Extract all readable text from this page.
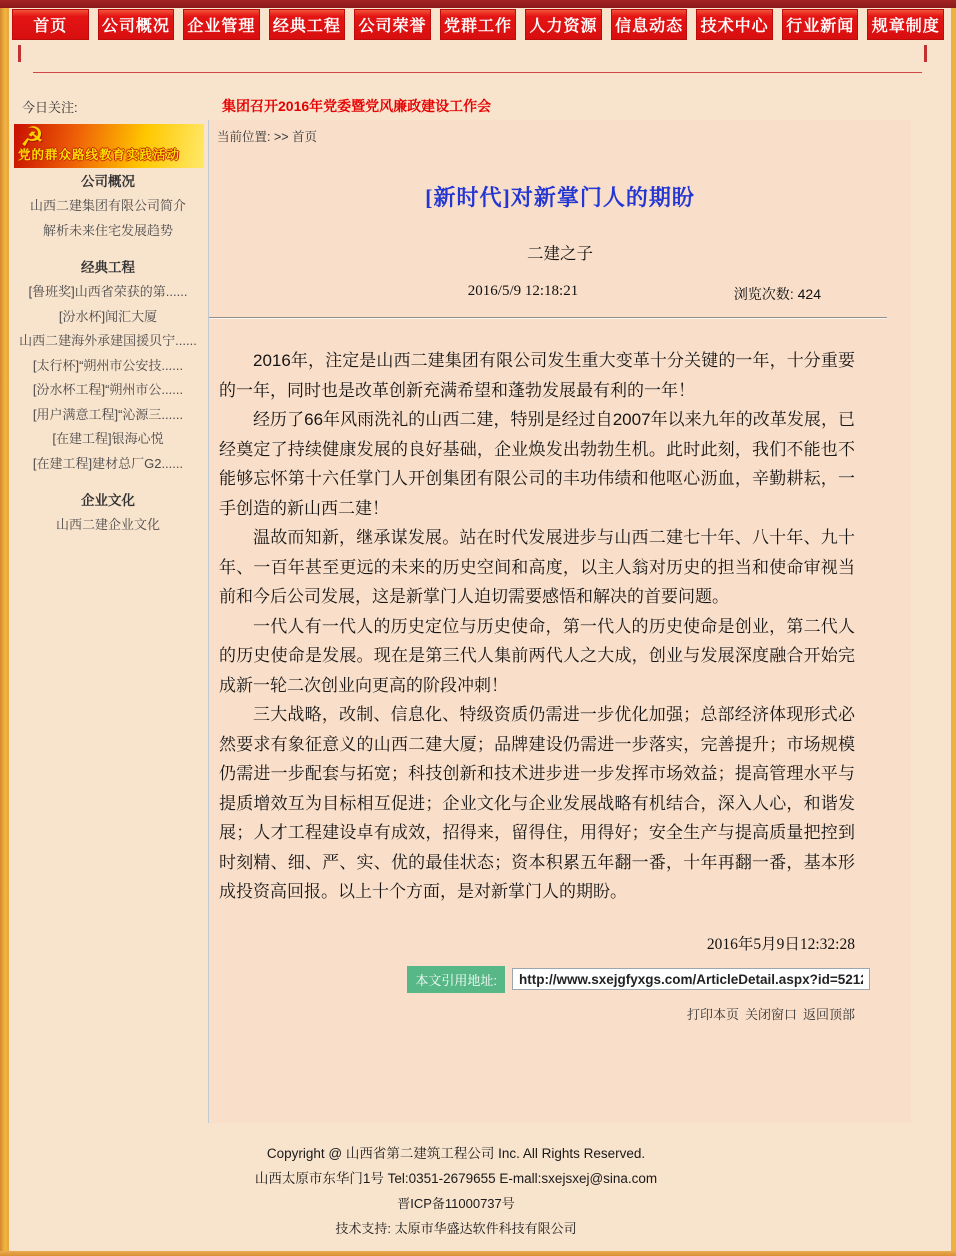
首页	公司概况 企业管理 经典工程 公司荣誉 党群工作 人力资源 信息动态 技术中心 行业新闻 规章制度
今日关注:	集团召开2016年党委暨党风廉政建设工作会
☭
党的群众路线教育实践活动
公司概况
山西二建集团有限公司简介
解析未来住宅发展趋势
经典工程
[鲁班奖]山西省荣获的第......
[汾水杯]闻汇大厦
山西二建海外承建国援贝宁......
[太行杯]“朔州市公安技......
[汾水杯工程]“朔州市公......
[用户满意工程]“沁源三......
[在建工程]银海心悦
[在建工程]建材总厂G2......
企业文化
山西二建企业文化
当前位置: >> 首页
[新时代]对新掌门人的期盼
二建之子
2016/5/9 12:18:21	浏览次数: 424

2016年，注定是山西二建集团有限公司发生重大变革十分关键的一年，十分重要的一年，同时也是改革创新充满希望和蓬勃发展最有利的一年！

经历了66年风雨洗礼的山西二建，特别是经过自2007年以来九年的改革发展，已经奠定了持续健康发展的良好基础，企业焕发出勃勃生机。此时此刻，我们不能也不能够忘怀第十六任掌门人开创集团有限公司的丰功伟绩和他呕心沥血，辛勤耕耘，一手创造的新山西二建！

温故而知新，继承谋发展。站在时代发展进步与山西二建七十年、八十年、九十年、一百年甚至更远的未来的历史空间和高度，以主人翁对历史的担当和使命审视当前和今后公司发展，这是新掌门人迫切需要感悟和解决的首要问题。

一代人有一代人的历史定位与历史使命，第一代人的历史使命是创业，第二代人的历史使命是发展。现在是第三代人集前两代人之大成，创业与发展深度融合开始完成新一轮二次创业向更高的阶段冲刺！

三大战略，改制、信息化、特级资质仍需进一步优化加强；总部经济体现形式必然要求有象征意义的山西二建大厦；品牌建设仍需进一步落实，完善提升；市场规模仍需进一步配套与拓宽；科技创新和技术进步进一步发挥市场效益；提高管理水平与提质增效互为目标相互促进；企业文化与企业发展战略有机结合，深入人心，和谐发展；人才工程建设卓有成效，招得来，留得住，用得好；安全生产与提高质量把控到时刻精、细、严、实、优的最佳状态；资本积累五年翻一番，十年再翻一番，基本形成投资高回报。以上十个方面，是对新掌门人的期盼。

2016年5月9日12:32:28
本文引用地址:
http://www.sxejgfyxgs.com/ArticleDetail.aspx?id=52128
打印本页 关闭窗口 返回顶部
Copyright @ 山西省第二建筑工程公司 Inc. All Rights Reserved.
山西太原市东华门1号 Tel:0351-2679655 E-mall:sxejsxej@sina.com
晋ICP备11000737号
技术支持: 太原市华盛达软件科技有限公司
